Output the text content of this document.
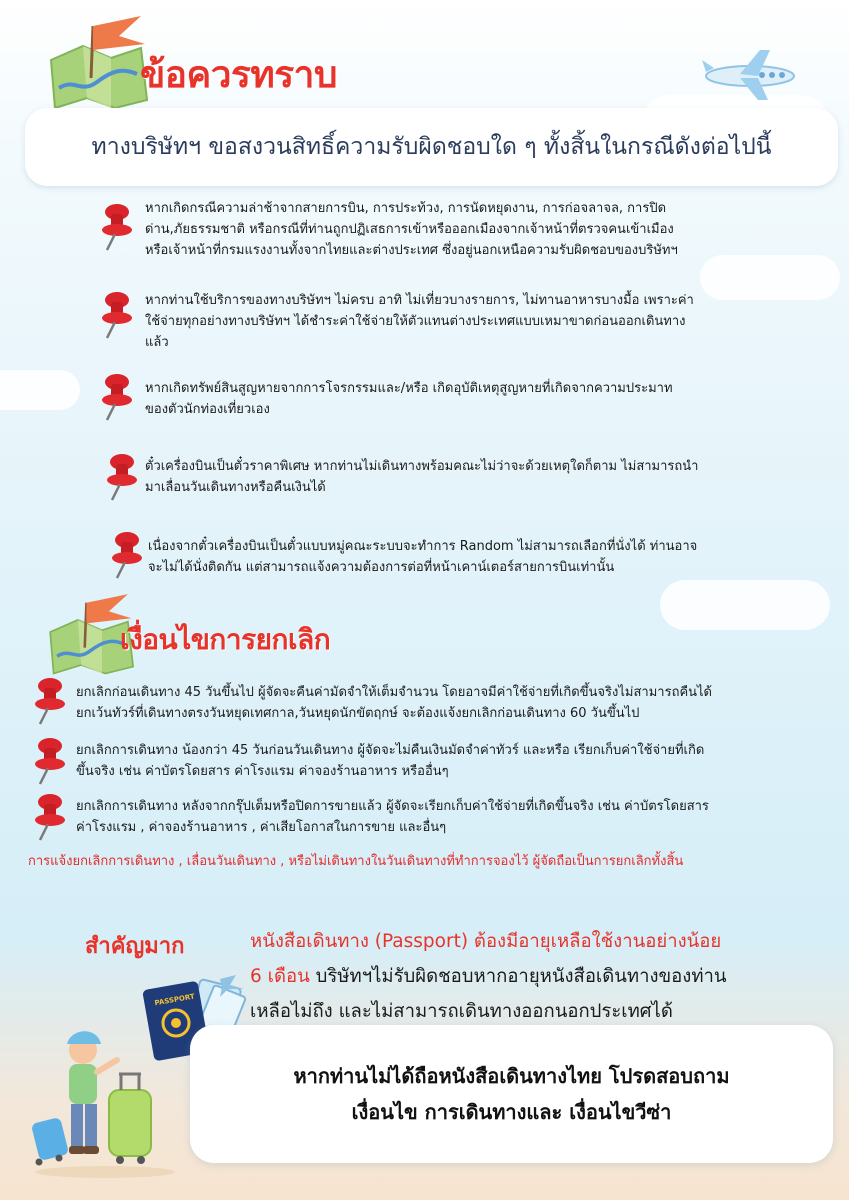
ข้อควรทราบ
ทางบริษัทฯ ขอสงวนสิทธิ์ความรับผิดชอบใด ๆ ทั้งสิ้นในกรณีดังต่อไปนี้
หากเกิดกรณีความล่าช้าจากสายการบิน, การประท้วง, การนัดหยุดงาน, การก่อจลาจล, การปิด
ด่าน,ภัยธรรมชาติ หรือกรณีที่ท่านถูกปฏิเสธการเข้าหรือออกเมืองจากเจ้าหน้าที่ตรวจคนเข้าเมือง
หรือเจ้าหน้าที่กรมแรงงานทั้งจากไทยและต่างประเทศ ซึ่งอยู่นอกเหนือความรับผิดชอบของบริษัทฯ
หากท่านใช้บริการของทางบริษัทฯ ไม่ครบ อาทิ ไม่เที่ยวบางรายการ, ไม่ทานอาหารบางมื้อ เพราะค่า
ใช้จ่ายทุกอย่างทางบริษัทฯ ได้ชำระค่าใช้จ่ายให้ตัวแทนต่างประเทศแบบเหมาขาดก่อนออกเดินทาง
แล้ว
หากเกิดทรัพย์สินสูญหายจากการโจรกรรมและ/หรือ เกิดอุบัติเหตุสูญหายที่เกิดจากความประมาท
ของตัวนักท่องเที่ยวเอง
ตั๋วเครื่องบินเป็นตั๋วราคาพิเศษ หากท่านไม่เดินทางพร้อมคณะไม่ว่าจะด้วยเหตุใดก็ตาม ไม่สามารถนำ
มาเลื่อนวันเดินทางหรือคืนเงินได้
เนื่องจากตั๋วเครื่องบินเป็นตั๋วแบบหมู่คณะระบบจะทำการ Random ไม่สามารถเลือกที่นั่งได้ ท่านอาจ
จะไม่ได้นั่งติดกัน แต่สามารถแจ้งความต้องการต่อที่หน้าเคาน์เตอร์สายการบินเท่านั้น
เงื่อนไขการยกเลิก
ยกเลิกก่อนเดินทาง 45 วันขึ้นไป ผู้จัดจะคืนค่ามัดจำให้เต็มจำนวน โดยอาจมีค่าใช้จ่ายที่เกิดขึ้นจริงไม่สามารถคืนได้
ยกเว้นทัวร์ที่เดินทางตรงวันหยุดเทศกาล,วันหยุดนักขัตฤกษ์ จะต้องแจ้งยกเลิกก่อนเดินทาง 60 วันขึ้นไป
ยกเลิกการเดินทาง น้องกว่า 45 วันก่อนวันเดินทาง ผู้จัดจะไม่คืนเงินมัดจำค่าทัวร์ และหรือ เรียกเก็บค่าใช้จ่ายที่เกิด
ขึ้นจริง เช่น ค่าบัตรโดยสาร ค่าโรงแรม ค่าจองร้านอาหาร หรืออื่นๆ
ยกเลิกการเดินทาง หลังจากกรุ๊ปเต็มหรือปิดการขายแล้ว ผู้จัดจะเรียกเก็บค่าใช้จ่ายที่เกิดขึ้นจริง เช่น ค่าบัตรโดยสาร
ค่าโรงแรม , ค่าจองร้านอาหาร , ค่าเสียโอกาสในการขาย และอื่นๆ
การแจ้งยกเลิกการเดินทาง , เลื่อนวันเดินทาง , หรือไม่เดินทางในวันเดินทางที่ทำการจองไว้ ผู้จัดถือเป็นการยกเลิกทั้งสิ้น
สำคัญมาก	หนังสือเดินทาง (Passport) ต้องมีอายุเหลือใช้งานอย่างน้อย
6 เดือน บริษัทฯไม่รับผิดชอบหากอายุหนังสือเดินทางของท่าน
เหลือไม่ถึง และไม่สามารถเดินทางออกนอกประเทศได้
PASSPORT
หากท่านไม่ได้ถือหนังสือเดินทางไทย โปรดสอบถาม
เงื่อนไข การเดินทางและ เงื่อนไขวีซ่า
